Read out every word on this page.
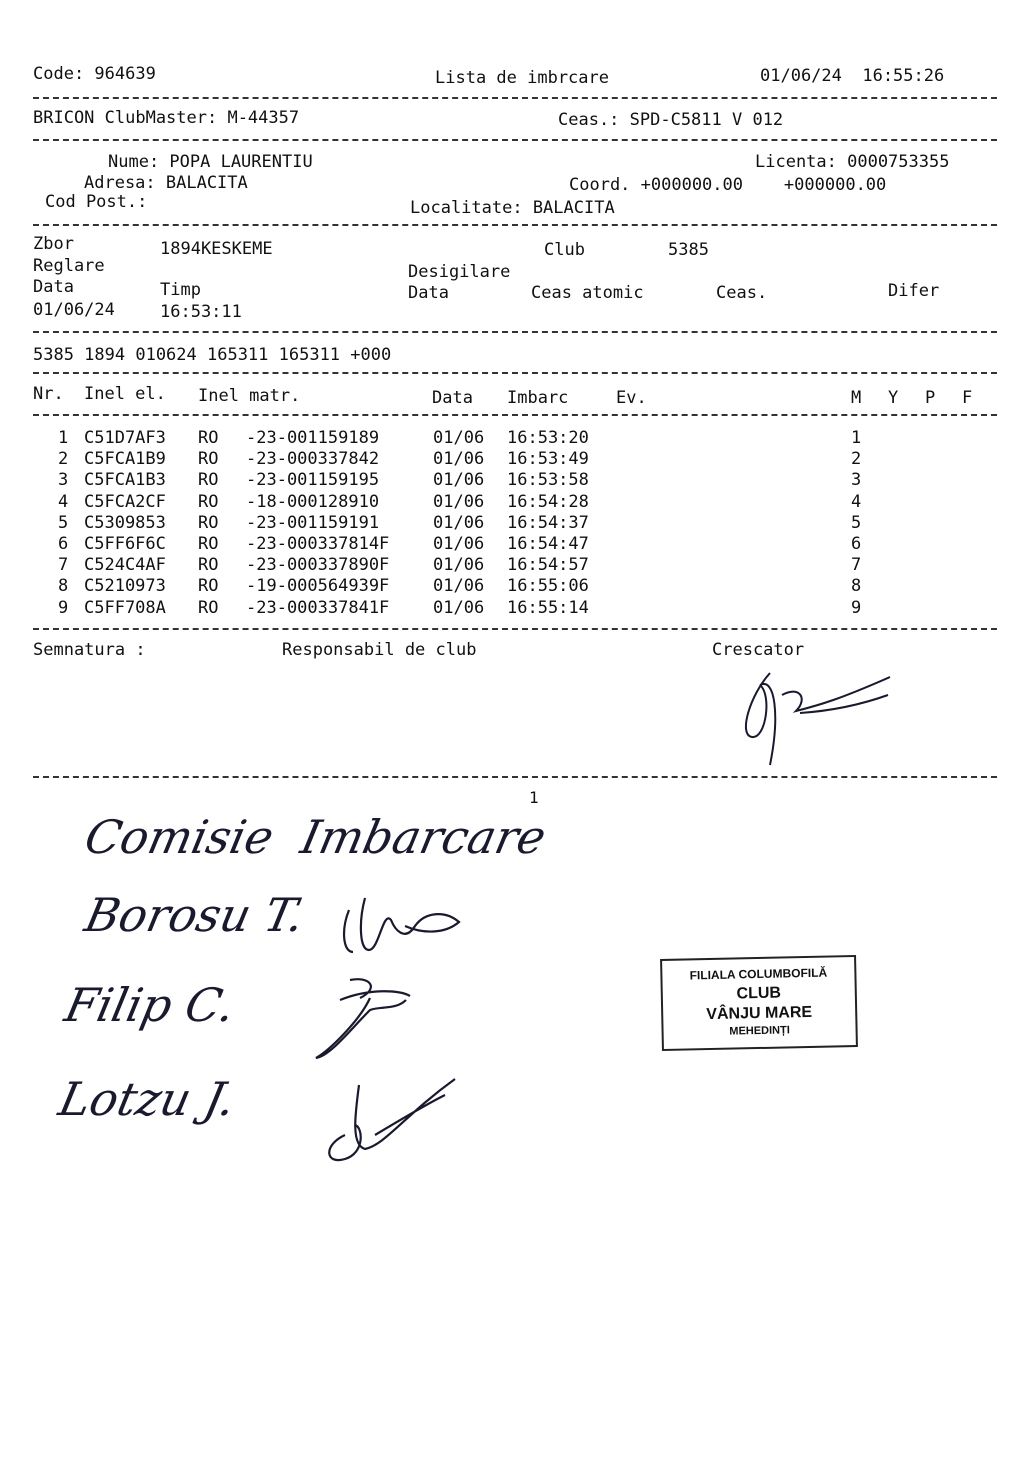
Code: 964639	Lista de imbrcare	01/06/24  16:55:26
BRICON ClubMaster: M-44357	Ceas.: SPD-C5811 V 012
Nume: POPA LAURENTIU	Licenta: 0000753355
Adresa: BALACITA	Coord. +000000.00    +000000.00
Cod Post.:	Localitate: BALACITA
Zbor	1894KESKEME	Club	5385
Reglare	Desigilare
Data	Timp	Data	Ceas atomic	Ceas.	Difer
01/06/24	16:53:11
5385 1894 010624 165311 165311 +000
Nr. Inel el. Inel matr.	Data Imbarc	Ev.	M Y P F
1 C51D7AF3 RO -23-001159189	01/06 16:53:20	1
2 C5FCA1B9 RO -23-000337842	01/06 16:53:49	2
3 C5FCA1B3 RO -23-001159195	01/06 16:53:58	3
4 C5FCA2CF RO -18-000128910	01/06 16:54:28	4
5 C5309853 RO -23-001159191	01/06 16:54:37	5
6 C5FF6F6C RO -23-000337814F	01/06 16:54:47	6
7 C524C4AF RO -23-000337890F	01/06 16:54:57	7
8 C5210973 RO -19-000564939F	01/06 16:55:06	8
9 C5FF708A RO -23-000337841F	01/06 16:55:14	9
Semnatura :	Responsabil de club	Crescator
1
Comisie  Imbarcare
Borosu T.
Filip C.
Lotzu J.
FILIALA COLUMBOFILĂ
CLUB
VÂNJU MARE
MEHEDINȚI
